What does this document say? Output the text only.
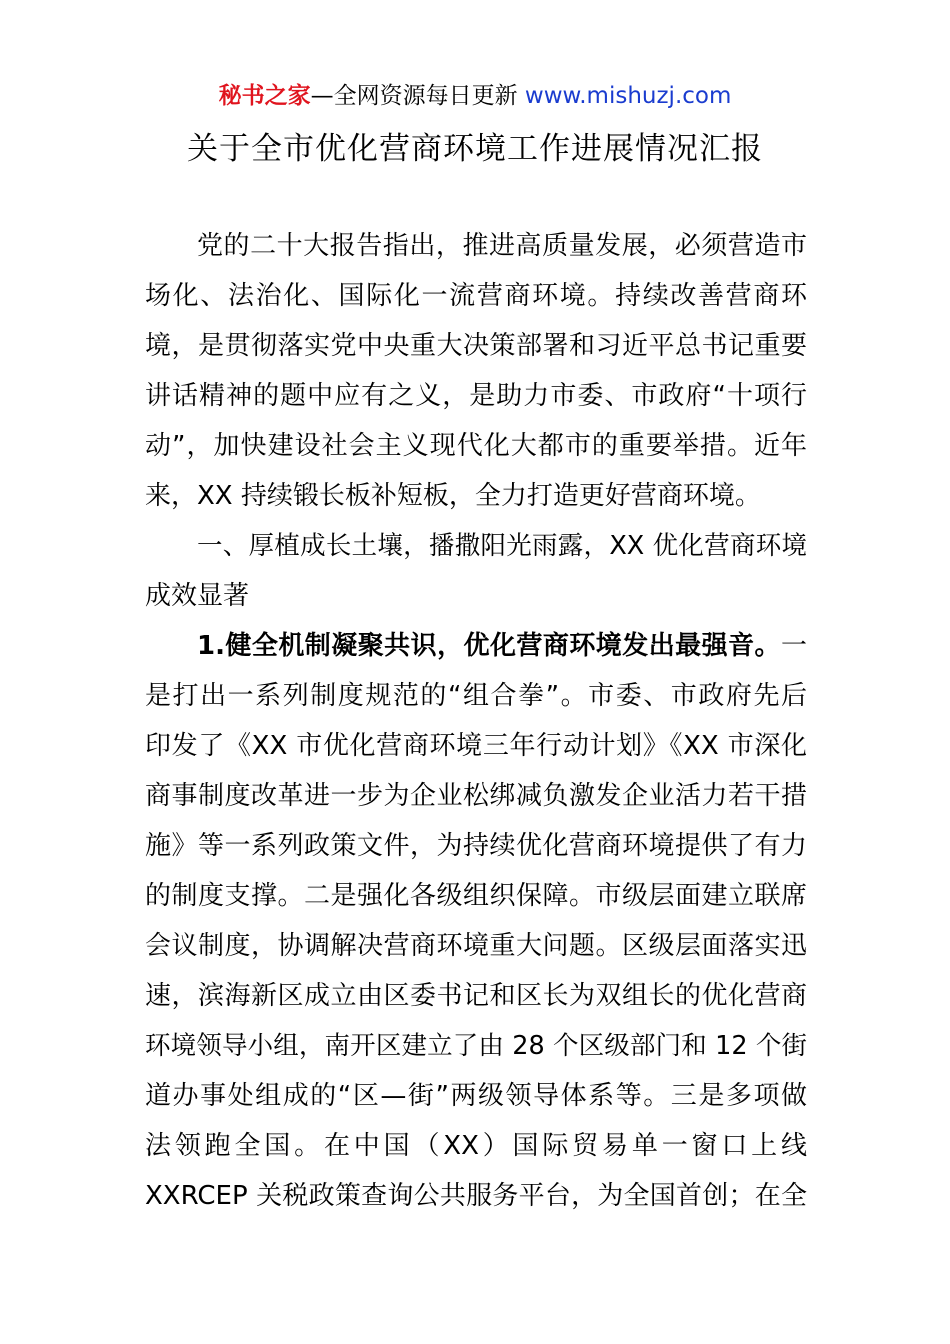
秘书之家—全网资源每日更新 www.mishuzj.com
关于全市优化营商环境工作进展情况汇报
党的二十大报告指出，推进高质量发展，必须营造市
场化、法治化、国际化一流营商环境。持续改善营商环
境，是贯彻落实党中央重大决策部署和习近平总书记重要
讲话精神的题中应有之义，是助力市委、市政府“十项行
动”，加快建设社会主义现代化大都市的重要举措。近年
来，XX 持续锻长板补短板，全力打造更好营商环境。
一、厚植成长土壤，播撒阳光雨露，XX 优化营商环境
成效显著
1.健全机制凝聚共识，优化营商环境发出最强音。一
是打出一系列制度规范的“组合拳”。市委、市政府先后
印发了《XX 市优化营商环境三年行动计划》《XX 市深化
商事制度改革进一步为企业松绑减负激发企业活力若干措
施》等一系列政策文件，为持续优化营商环境提供了有力
的制度支撑。二是强化各级组织保障。市级层面建立联席
会议制度，协调解决营商环境重大问题。区级层面落实迅
速，滨海新区成立由区委书记和区长为双组长的优化营商
环境领导小组，南开区建立了由 28 个区级部门和 12 个街
道办事处组成的“区—街”两级领导体系等。三是多项做
法领跑全国。在中国（XX）国际贸易单一窗口上线
XXRCEP 关税政策查询公共服务平台，为全国首创；在全
